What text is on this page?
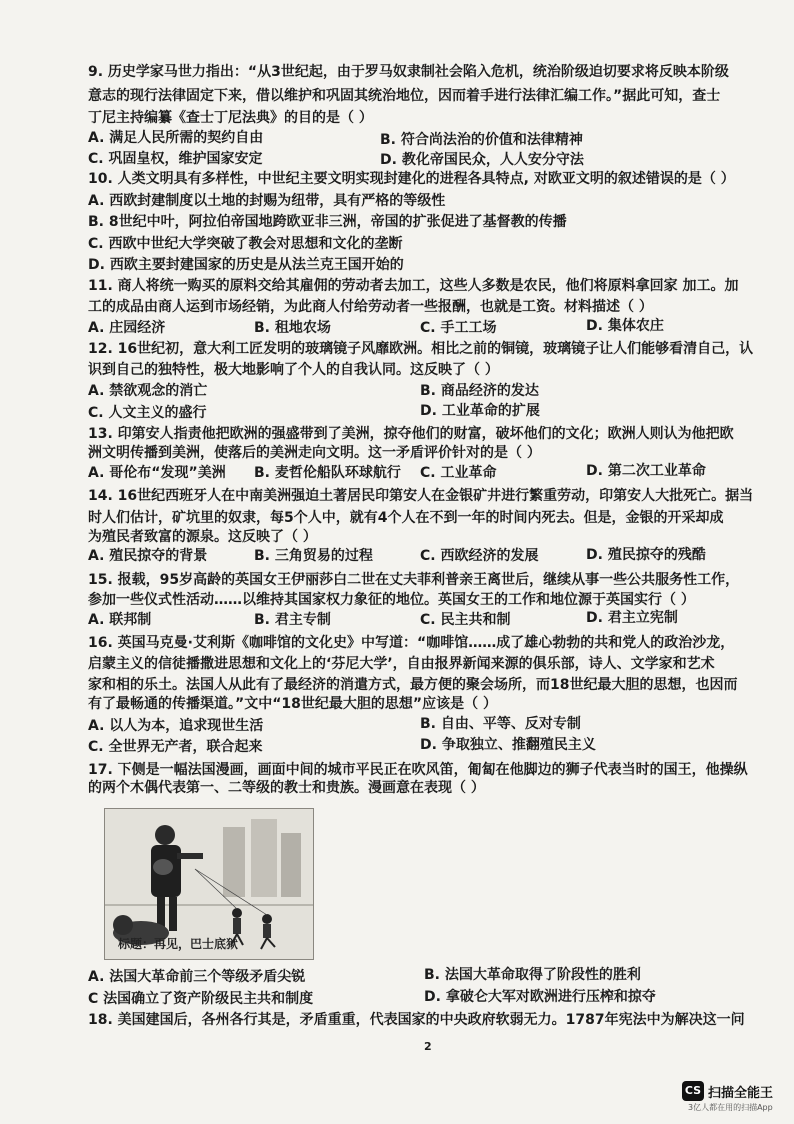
9. 历史学家马世力指出：“从3世纪起，由于罗马奴隶制社会陷入危机，统治阶级迫切要求将反映本阶级
意志的现行法律固定下来，借以维护和巩固其统治地位，因而着手进行法律汇编工作。”据此可知，查士
丁尼主持编纂《查士丁尼法典》的目的是（ ）
A. 满足人民所需的契约自由	B. 符合尚法治的价值和法律精神
C. 巩固皇权，维护国家安定	D. 教化帝国民众，人人安分守法
10. 人类文明具有多样性，中世纪主要文明实现封建化的进程各具特点, 对欧亚文明的叙述错误的是（ ）
A. 西欧封建制度以土地的封赐为纽带，具有严格的等级性
B. 8世纪中叶，阿拉伯帝国地跨欧亚非三洲，帝国的扩张促进了基督教的传播
C. 西欧中世纪大学突破了教会对思想和文化的垄断
D. 西欧主要封建国家的历史是从法兰克王国开始的
11. 商人将统一购买的原料交给其雇佣的劳动者去加工，这些人多数是农民，他们将原料拿回家 加工。加
工的成品由商人运到市场经销，为此商人付给劳动者一些报酬，也就是工资。材料描述（ ）
A. 庄园经济	B. 租地农场	C. 手工工场	D. 集体农庄
12. 16世纪初，意大利工匠发明的玻璃镜子风靡欧洲。相比之前的铜镜，玻璃镜子让人们能够看清自己，认
识到自己的独特性，极大地影响了个人的自我认同。这反映了（ ）
A. 禁欲观念的消亡	B. 商品经济的发达
C. 人文主义的盛行	D. 工业革命的扩展
13. 印第安人指责他把欧洲的强盛带到了美洲，掠夺他们的财富，破坏他们的文化；欧洲人则认为他把欧
洲文明传播到美洲，使落后的美洲走向文明。这一矛盾评价针对的是（ ）
A. 哥伦布“发现”美洲 B. 麦哲伦船队环球航行 C. 工业革命	D. 第二次工业革命
14. 16世纪西班牙人在中南美洲强迫土著居民印第安人在金银矿井进行繁重劳动，印第安人大批死亡。据当
时人们估计，矿坑里的奴隶，每5个人中，就有4个人在不到一年的时间内死去。但是，金银的开采却成
为殖民者致富的源泉。这反映了（ ）
A. 殖民掠夺的背景	B. 三角贸易的过程	C. 西欧经济的发展	D. 殖民掠夺的残酷
15. 报载，95岁高龄的英国女王伊丽莎白二世在丈夫菲利普亲王离世后，继续从事一些公共服务性工作，
参加一些仪式性活动……以维持其国家权力象征的地位。英国女王的工作和地位源于英国实行（ ）
A. 联邦制	B. 君主专制	C. 民主共和制	D. 君主立宪制
16. 英国马克曼·艾利斯《咖啡馆的文化史》中写道：“咖啡馆……成了雄心勃勃的共和党人的政治沙龙，
启蒙主义的信徒播撒进思想和文化上的‘芬尼大学’，自由报界新闻来源的俱乐部，诗人、文学家和艺术
家和相的乐土。法国人从此有了最经济的消遣方式，最方便的聚会场所，而18世纪最大胆的思想，也因而
有了最畅通的传播渠道。”文中“18世纪最大胆的思想”应该是（ ）
A. 以人为本，追求现世生活	B. 自由、平等、反对专制
C. 全世界无产者，联合起来	D. 争取独立、推翻殖民主义
17. 下侧是一幅法国漫画，画面中间的城市平民正在吹风笛，匍匐在他脚边的狮子代表当时的国王，他操纵
的两个木偶代表第一、二等级的教士和贵族。漫画意在表现（ ）
标题：再见，巴士底狱
A. 法国大革命前三个等级矛盾尖锐	B. 法国大革命取得了阶段性的胜利
C 法国确立了资产阶级民主共和制度	D. 拿破仑大军对欧洲进行压榨和掠夺
18. 美国建国后，各州各行其是，矛盾重重，代表国家的中央政府软弱无力。1787年宪法中为解决这一问
2
CS 扫描全能王
3亿人都在用的扫描App
